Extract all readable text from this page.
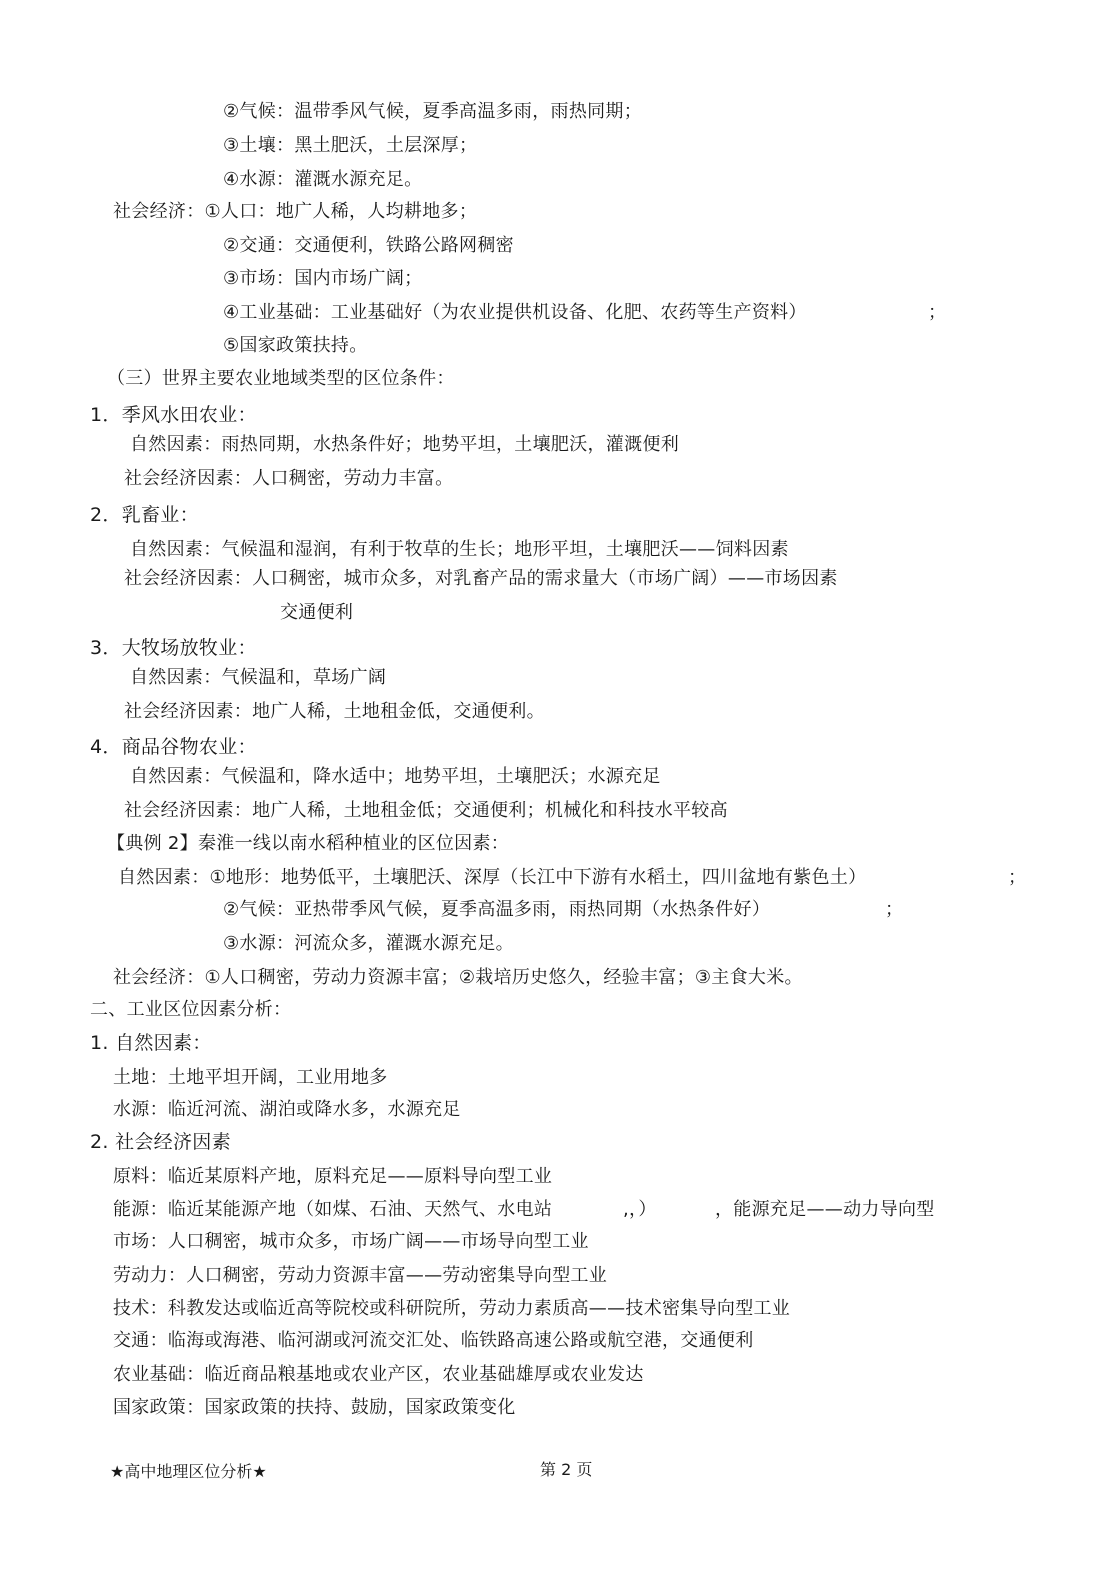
②气候：温带季风气候，夏季高温多雨，雨热同期；
③土壤：黑土肥沃，土层深厚；
④水源：灌溉水源充足。
社会经济：①人口：地广人稀，人均耕地多；
②交通：交通便利，铁路公路网稠密
③市场：国内市场广阔；
④工业基础：工业基础好（为农业提供机设备、化肥、农药等生产资料）	；
⑤国家政策扶持。
（三）世界主要农业地域类型的区位条件：
1．季风水田农业：
自然因素：雨热同期，水热条件好；地势平坦，土壤肥沃，灌溉便利
社会经济因素：人口稠密，劳动力丰富。
2．乳畜业：
自然因素：气候温和湿润，有利于牧草的生长；地形平坦，土壤肥沃——饲料因素
社会经济因素：人口稠密，城市众多，对乳畜产品的需求量大（市场广阔）——市场因素
交通便利
3．大牧场放牧业：
自然因素：气候温和，草场广阔
社会经济因素：地广人稀，土地租金低，交通便利。
4．商品谷物农业：
自然因素：气候温和，降水适中；地势平坦，土壤肥沃；水源充足
社会经济因素：地广人稀，土地租金低；交通便利；机械化和科技水平较高
【典例 2】秦淮一线以南水稻种植业的区位因素：
自然因素：①地形：地势低平，土壤肥沃、深厚（长江中下游有水稻土，四川盆地有紫色土）	；
②气候：亚热带季风气候，夏季高温多雨，雨热同期（水热条件好）	；
③水源：河流众多，灌溉水源充足。
社会经济：①人口稠密，劳动力资源丰富；②栽培历史悠久，经验丰富；③主食大米。
二、工业区位因素分析：
1. 自然因素：
土地：土地平坦开阔，工业用地多
水源：临近河流、湖泊或降水多，水源充足
2. 社会经济因素
原料：临近某原料产地，原料充足——原料导向型工业
能源：临近某能源产地（如煤、石油、天然气、水电站	,，）	，能源充足——动力导向型
市场：人口稠密，城市众多，市场广阔——市场导向型工业
劳动力：人口稠密，劳动力资源丰富——劳动密集导向型工业
技术：科教发达或临近高等院校或科研院所，劳动力素质高——技术密集导向型工业
交通：临海或海港、临河湖或河流交汇处、临铁路高速公路或航空港，交通便利
农业基础：临近商品粮基地或农业产区，农业基础雄厚或农业发达
国家政策：国家政策的扶持、鼓励，国家政策变化
★高中地理区位分析★	第 2 页
